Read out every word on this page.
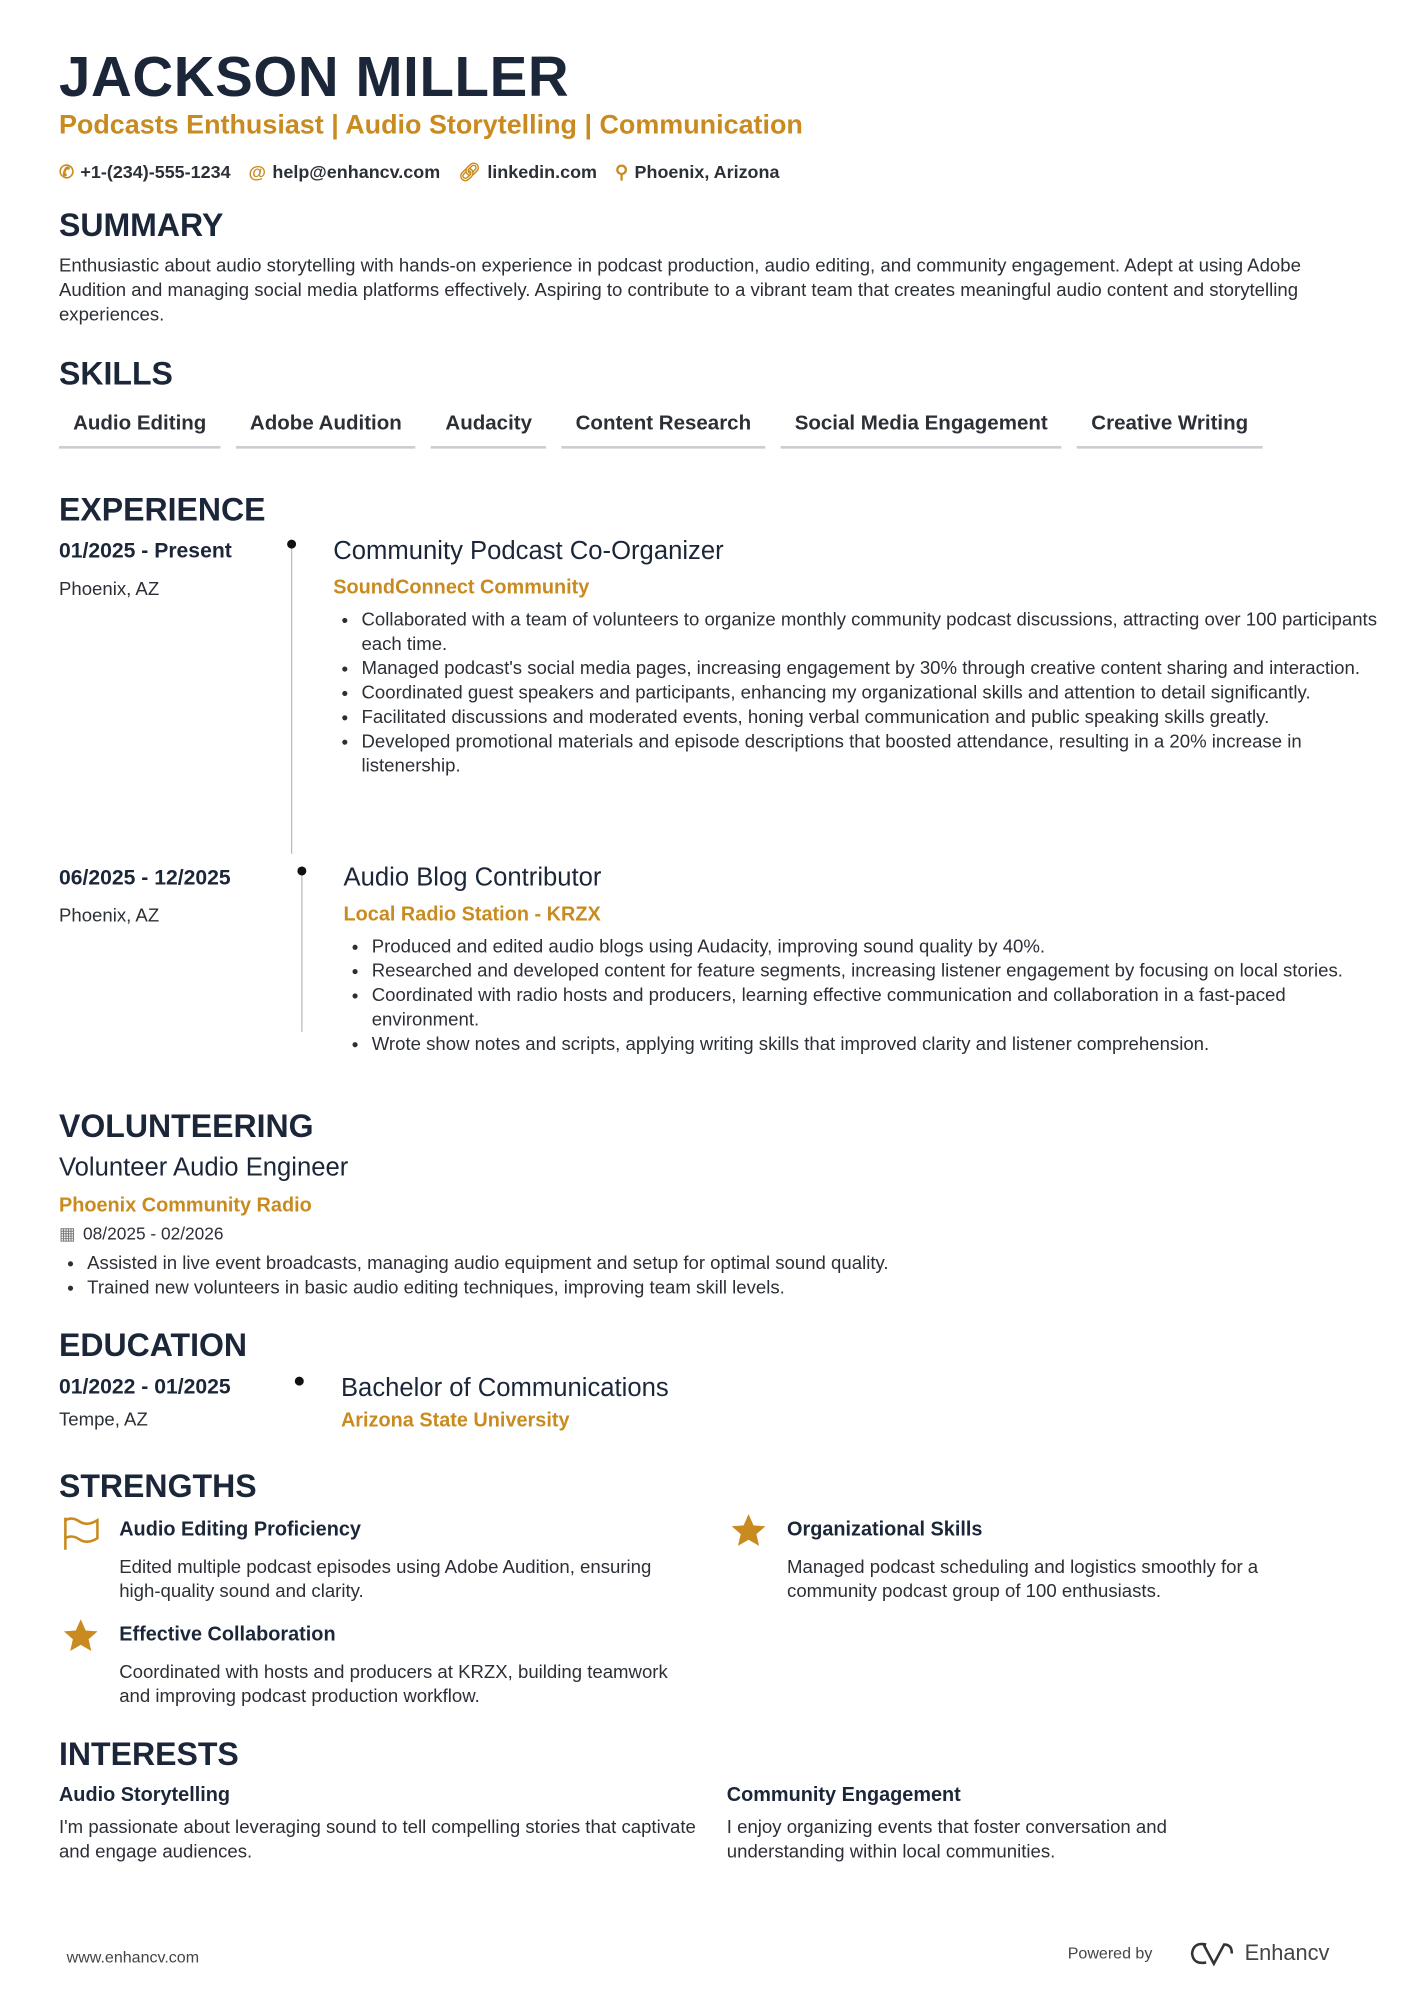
JACKSON MILLER
Podcasts Enthusiast | Audio Storytelling | Communication
✆ +1-(234)-555-1234 @ help@enhancv.com 🔗︎ linkedin.com ⚲ Phoenix, Arizona
SUMMARY
Enthusiastic about audio storytelling with hands-on experience in podcast production, audio editing, and community engagement. Adept at using Adobe Audition and managing social media platforms effectively. Aspiring to contribute to a vibrant team that creates meaningful audio content and storytelling experiences.
SKILLS
Audio Editing	Adobe Audition	Audacity	Content Research	Social Media Engagement	Creative Writing
EXPERIENCE
01/2025 - Present
Phoenix, AZ
Community Podcast Co-Organizer
SoundConnect Community
• Collaborated with a team of volunteers to organize monthly community podcast discussions, attracting over 100 participants each time.
• Managed podcast's social media pages, increasing engagement by 30% through creative content sharing and interaction.
• Coordinated guest speakers and participants, enhancing my organizational skills and attention to detail significantly.
• Facilitated discussions and moderated events, honing verbal communication and public speaking skills greatly.
• Developed promotional materials and episode descriptions that boosted attendance, resulting in a 20% increase in listenership.
06/2025 - 12/2025
Phoenix, AZ
Audio Blog Contributor
Local Radio Station - KRZX
• Produced and edited audio blogs using Audacity, improving sound quality by 40%.
• Researched and developed content for feature segments, increasing listener engagement by focusing on local stories.
• Coordinated with radio hosts and producers, learning effective communication and collaboration in a fast-paced environment.
• Wrote show notes and scripts, applying writing skills that improved clarity and listener comprehension.
VOLUNTEERING
Volunteer Audio Engineer
Phoenix Community Radio
▦ 08/2025 - 02/2026
• Assisted in live event broadcasts, managing audio equipment and setup for optimal sound quality.
• Trained new volunteers in basic audio editing techniques, improving team skill levels.
EDUCATION
01/2022 - 01/2025
Tempe, AZ
Bachelor of Communications
Arizona State University
STRENGTHS
Audio Editing Proficiency
Edited multiple podcast episodes using Adobe Audition, ensuring high-quality sound and clarity.
Organizational Skills
Managed podcast scheduling and logistics smoothly for a community podcast group of 100 enthusiasts.
Effective Collaboration
Coordinated with hosts and producers at KRZX, building teamwork and improving podcast production workflow.
INTERESTS
Audio Storytelling
I'm passionate about leveraging sound to tell compelling stories that captivate and engage audiences.
Community Engagement
I enjoy organizing events that foster conversation and understanding within local communities.
www.enhancv.com	Powered by	Enhancv
